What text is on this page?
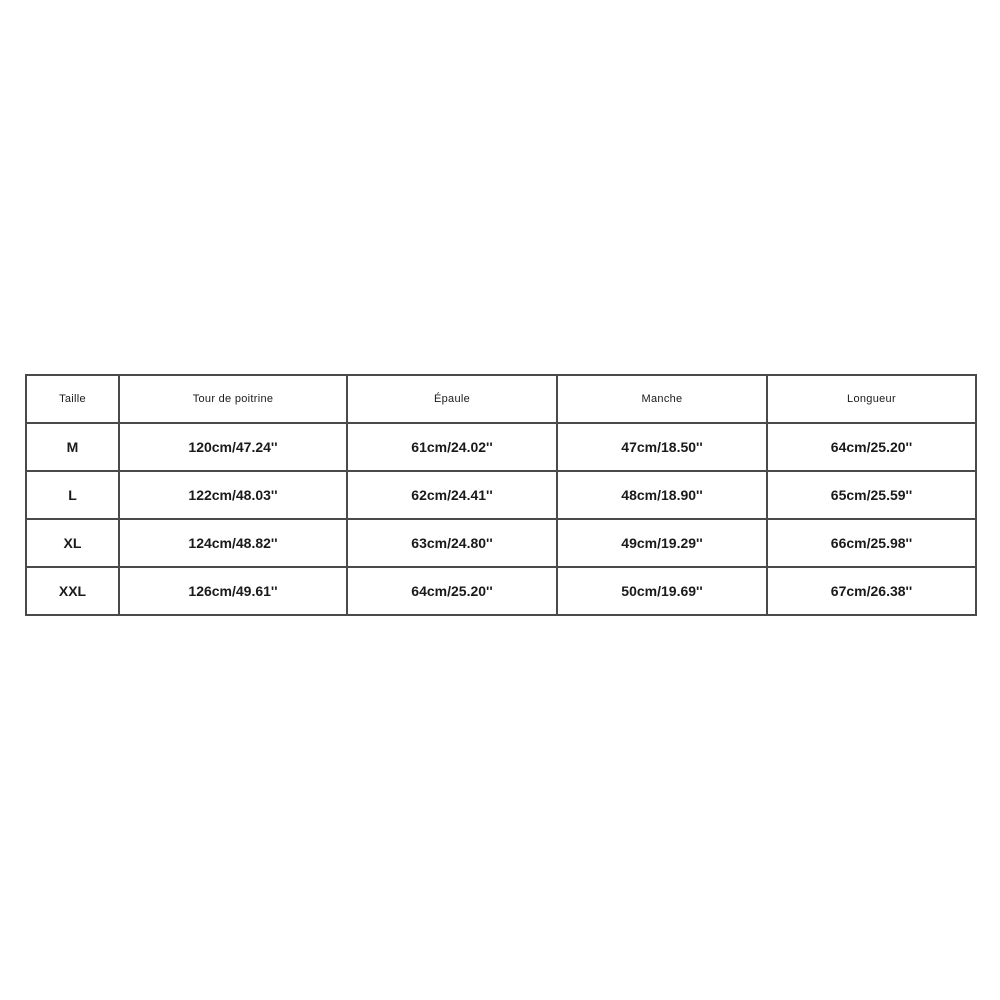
Taille	Tour de poitrine	Épaule	Manche	Longueur
M	120cm/47.24''	61cm/24.02''	47cm/18.50''	64cm/25.20''
L	122cm/48.03''	62cm/24.41''	48cm/18.90''	65cm/25.59''
XL	124cm/48.82''	63cm/24.80''	49cm/19.29''	66cm/25.98''
XXL	126cm/49.61''	64cm/25.20''	50cm/19.69''	67cm/26.38''
